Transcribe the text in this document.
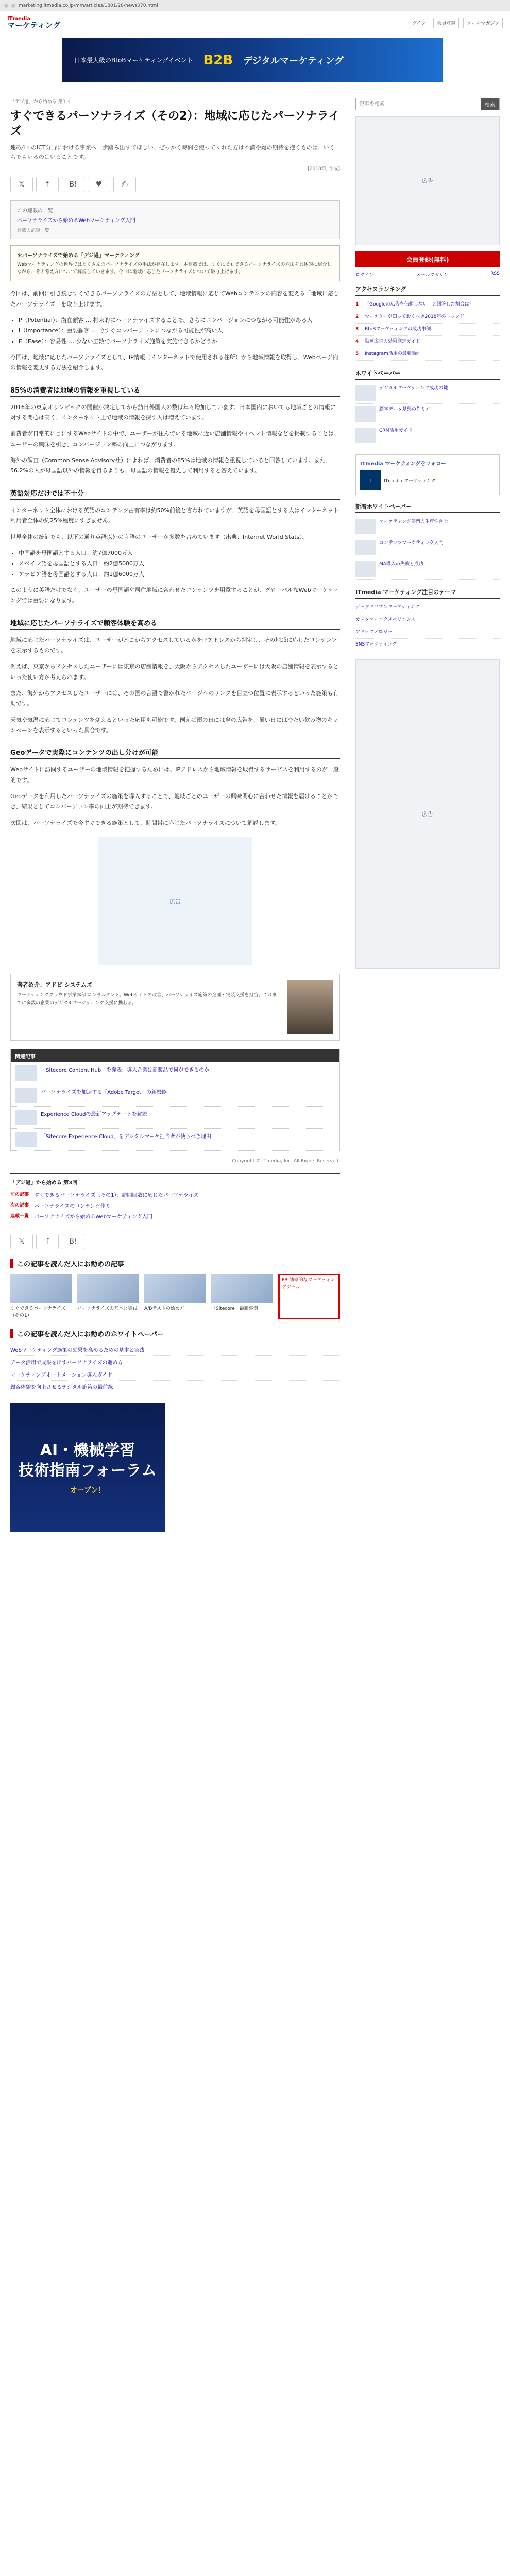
marketing.itmedia.co.jp/mm/articles/1801/28/news070.html
ITmedia
マーケティング	ログイン	会員登録	メールマガジン
日本最大級のBtoBマーケティングイベント B2B デジタルマーケティング
「デジ過」から始める 第3回
すぐできるパーソナライズ（その2）：地域に応じたパーソナライズ
連載4回のICT分野における事業へ一歩踏み出すてほしい、ぜっかく時間を使ってくれた方は不満や鍵の期待を抱くものは、いくらでもいるのはいることです。
[2018年, 作成]
𝕏	f	B!	♥	⎙
この連載の一覧
パーソナライズから始めるWebマーケティング入門
連載の記事一覧
＊パーソナライズで始める「デジ過」マーケティング

Webマーケティングの世界ではたくさんのパーソナライズの手法が存在します。本連載では、すぐにでもできるパーソナライズの方法を具体的に紹介しながら、その考え方について解説していきます。今回は地域に応じたパーソナライズについて取り上げます。

今回は、前回に引き続きすぐできるパーソナライズの方法として、地域情報に応じてWebコンテンツの内容を変える「地域に応じたパーソナライズ」を取り上げます。

• P（Potential）：潜在顧客 … 将来的にパーソナライズすることで、さらにコンバージョンにつながる可能性がある人
• I（Importance）：重要顧客 … 今すぐコンバージョンにつながる可能性が高い人
• E（Ease）：容易性 … 少ない工数でパーソナライズ施策を実施できるかどうか

今回は、地域に応じたパーソナライズとして、IP情報（インターネットで使用される住所）から地域情報を取得し、Webページ内の情報を変更する方法を紹介します。

85%の消費者は地域の情報を重視している

2016年の東京オリンピックの開催が決定してから訪日外国人の数は年々増加しています。日本国内においても地域ごとの情報に対する関心は高く、インターネット上で地域の情報を探す人は増えています。

消費者が日常的に目にするWebサイトの中で、ユーザーが住んでいる地域に近い店舗情報やイベント情報などを掲載することは、ユーザーの興味を引き、コンバージョン率の向上につながります。

海外の調査（Common Sense Advisory社）によれば、消費者の85%は地域の情報を重視していると回答しています。また、56.2%の人が母国語以外の情報を得るよりも、母国語の情報を優先して利用すると答えています。

英語対応だけでは不十分

インターネット全体における英語のコンテンツ占有率は約50%前後と言われていますが、英語を母国語とする人はインターネット利用者全体の約25%程度にすぎません。

世界全体の統計でも、以下の通り英語以外の言語のユーザーが多数を占めています（出典：Internet World Stats）。

• 中国語を母国語とする人口：約7億7000万人
• スペイン語を母国語とする人口：約2億5000万人
• アラビア語を母国語とする人口：約1億6000万人

このように英語だけでなく、ユーザーの母国語や居住地域に合わせたコンテンツを用意することが、グローバルなWebマーケティングでは重要になります。

地域に応じたパーソナライズで顧客体験を高める

地域に応じたパーソナライズは、ユーザーがどこからアクセスしているかをIPアドレスから判定し、その地域に応じたコンテンツを表示するものです。

例えば、東京からアクセスしたユーザーには東京の店舗情報を、大阪からアクセスしたユーザーには大阪の店舗情報を表示するといった使い方が考えられます。

また、海外からアクセスしたユーザーには、その国の言語で書かれたページへのリンクを目立つ位置に表示するといった施策も有効です。

天気や気温に応じてコンテンツを変えるといった応用も可能です。例えば雨の日には傘の広告を、暑い日には冷たい飲み物のキャンペーンを表示するといった具合です。

Geoデータで実際にコンテンツの出し分けが可能

Webサイトに訪問するユーザーの地域情報を把握するためには、IPアドレスから地域情報を取得するサービスを利用するのが一般的です。

Geoデータを利用したパーソナライズの施策を導入することで、地域ごとのユーザーの興味関心に合わせた情報を届けることができ、結果としてコンバージョン率の向上が期待できます。

次回は、パーソナライズで今すぐできる施策として、時間帯に応じたパーソナライズについて解説します。

広告
著者紹介：アドビ システムズ
マーケティングクラウド事業本部 コンサルタント。Webサイトの改善、パーソナライズ施策の企画・実装支援を担当。これまでに多数の企業のデジタルマーケティング支援に携わる。
関連記事
「Sitecore Content Hub」を発表、導入企業は新製品で何ができるのか
パーソナライズを加速する「Adobe Target」の新機能
Experience Cloudの最新アップデートを解説
「Sitecore Experience Cloud」をデジタルマーケ担当者が使うべき理由
Copyright © ITmedia, Inc. All Rights Reserved.
「デジ過」から始める 第3回
前の記事 すぐできるパーソナライズ（その1）：訪問回数に応じたパーソナライズ
次の記事 パーソナライズのコンテンツ作り
連載一覧 パーソナライズから始めるWebマーケティング入門
𝕏	f	B!
この記事を読んだ人にお勧めの記事
すぐできるパーソナライズ（その1）
パーソナライズの基本と実践	A/Bテストの始め方	「Sitecore」最新事例
PR 効率的なマーケティングツール
この記事を読んだ人にお勧めのホワイトペーパー
Webマーケティング施策の効果を高めるための基本と実践
データ活用で成果を出すパーソナライズの進め方
マーケティングオートメーション導入ガイド
顧客体験を向上させるデジタル施策の最前線
AI・機械学習
技術指南フォーラム
オープン！
記事を検索
検索
広告
会員登録(無料)
ログイン	メールマガジン	RSS
アクセスランキング
1	「Googleの広告を信頼しない」と回答した割合は？
2	マーケターが知っておくべき2018年のトレンド
3	BtoBマーケティングの成功事例
4	動画広告の効果測定ガイド
5	Instagram活用の最新動向
ホワイトペーパー
デジタルマーケティング成功の鍵
顧客データ基盤の作り方
CRM活用ガイド
ITmedia マーケティングをフォロー
IT	ITmedia マーケティング
新着ホワイトペーパー
マーケティング部門の生産性向上
コンテンツマーケティング入門
MA導入の失敗と成功
ITmedia マーケティング注目のテーマ
データドリブンマーケティング
カスタマーエクスペリエンス
アドテクノロジー
SNSマーケティング
広告
